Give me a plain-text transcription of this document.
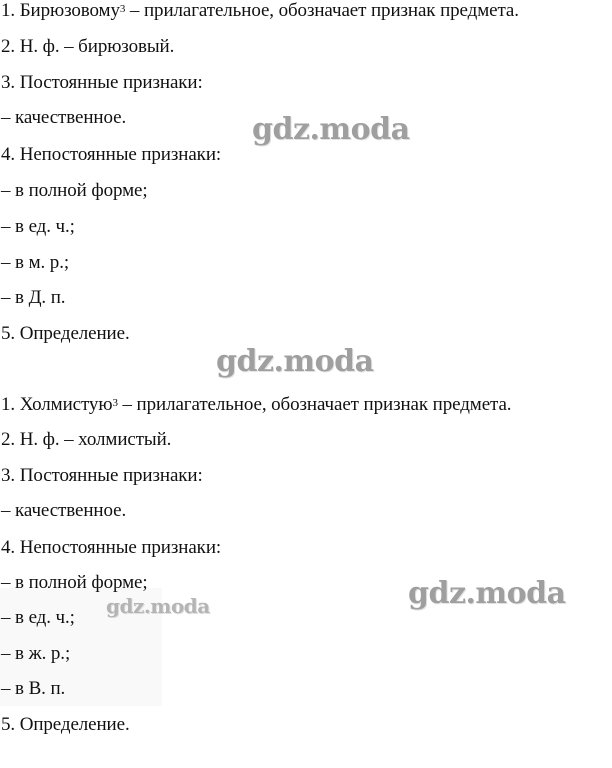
1. Бирюзовому$^3$ – прилагательное, обозначает признак предмета.
2. Н. ф. – бирюзовый.
3. Постоянные признаки:
– качественное.
4. Непостоянные признаки:
– в полной форме;
– в ед. ч.;
– в м. р.;
– в Д. п.
5. Определение.
1. Холмистую$^3$ – прилагательное, обозначает признак предмета.
2. Н. ф. – холмистый.
3. Постоянные признаки:
– качественное.
4. Непостоянные признаки:
– в полной форме;
– в ед. ч.;
– в ж. р.;
– в В. п.
5. Определение.
gdz.moda
gdz.moda
gdz.moda	gdz.moda
